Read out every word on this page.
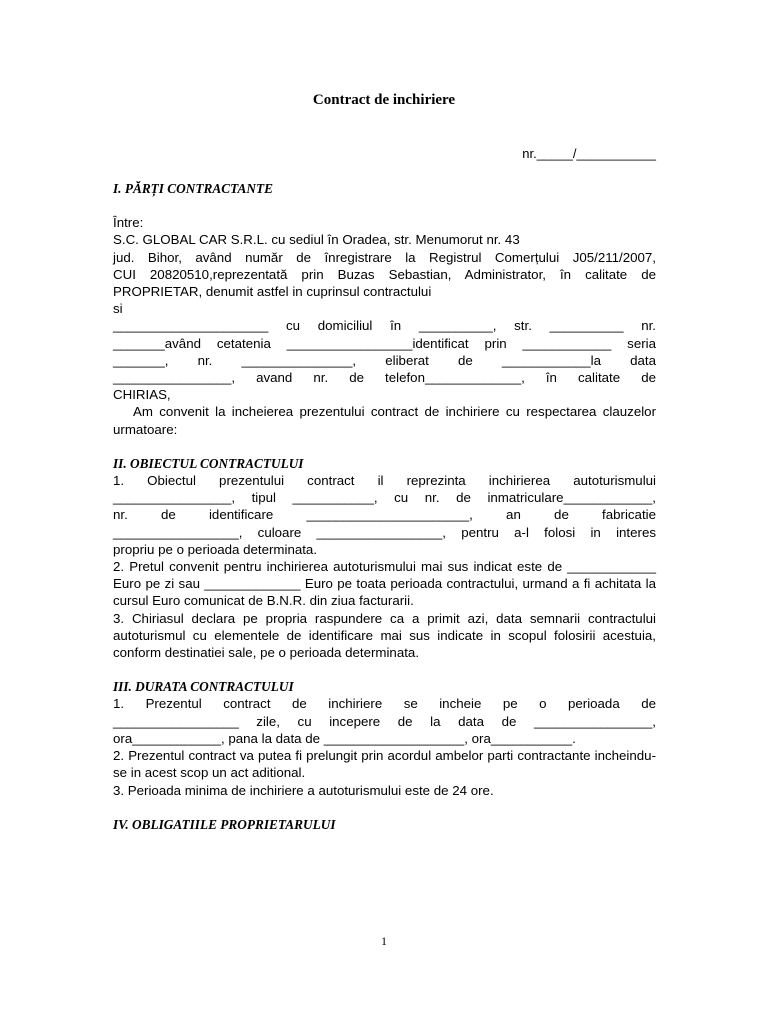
Contract de inchiriere
nr._____/___________

I. PĂRȚI CONTRACTANTE

Între:

S.C. GLOBAL CAR S.R.L. cu sediul în Oradea, str. Menumorut nr. 43

jud. Bihor, având număr de înregistrare la Registrul Comerțului J05/211/2007,

CUI 20820510,reprezentată prin Buzas Sebastian, Administrator, în calitate de

PROPRIETAR, denumit astfel in cuprinsul contractului

si

_____________________ cu domiciliul în __________, str. __________ nr.

_______având cetatenia _________________identificat prin ____________ seria

_______, nr. _______________, eliberat de ____________la data

________________, avand nr. de telefon_____________, în calitate de

CHIRIAS,

Am convenit la incheierea prezentului contract de inchiriere cu respectarea clauzelor urmatoare:

II. OBIECTUL CONTRACTULUI

1. Obiectul prezentului contract il reprezinta inchirierea autoturismului

________________, tipul ___________, cu nr. de inmatriculare____________,

nr. de identificare ______________________, an de fabricatie

_________________, culoare _________________, pentru a-l folosi in interes

propriu pe o perioada determinata.

2. Pretul convenit pentru inchirierea autoturismului mai sus indicat este de ____________ Euro pe zi sau _____________ Euro pe toata perioada contractului, urmand a fi achitata la cursul Euro comunicat de B.N.R. din ziua facturarii.

3. Chiriasul declara pe propria raspundere ca a primit azi, data semnarii contractului autoturismul cu elementele de identificare mai sus indicate in scopul folosirii acestuia, conform destinatiei sale, pe o perioada determinata.

III. DURATA CONTRACTULUI

1. Prezentul contract de inchiriere se incheie pe o perioada de

_________________ zile, cu incepere de la data de ________________,

ora____________, pana la data de ___________________, ora___________.

2. Prezentul contract va putea fi prelungit prin acordul ambelor parti contractante incheindu-se in acest scop un act aditional.

3. Perioada minima de inchiriere a autoturismului este de 24 ore.

IV. OBLIGATIILE PROPRIETARULUI

1
